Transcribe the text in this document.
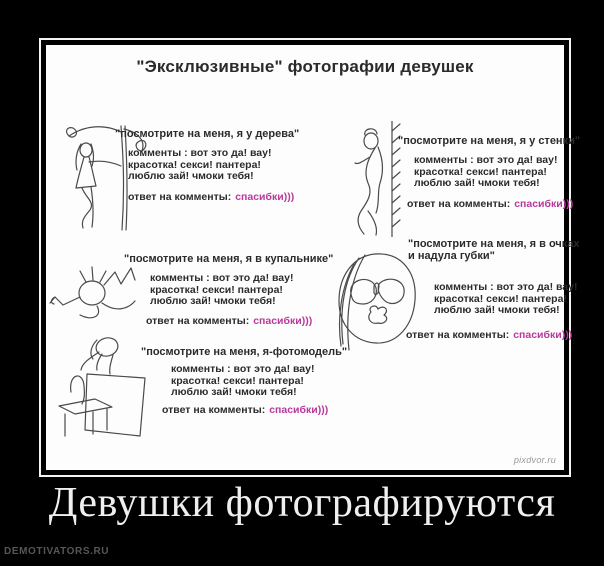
"Эксклюзивные" фотографии девушек
"посмотрите на меня, я у дерева"
комменты : вот это да! вау!
красотка! секси! пантера!
люблю зай! чмоки тебя!
ответ на комменты: спасибки)))
"посмотрите на меня, я у стенки"
комменты : вот это да! вау!
красотка! секси! пантера!
люблю зай! чмоки тебя!
ответ на комменты: спасибки)))
"посмотрите на меня, я в купальнике"
комменты : вот это да! вау!
красотка! секси! пантера!
люблю зай! чмоки тебя!
ответ на комменты: спасибки)))
"посмотрите на меня, я в очках
и надула губки"
комменты : вот это да! вау!
красотка! секси! пантера!
люблю зай! чмоки тебя!
ответ на комменты: спасибки)))
"посмотрите на меня, я-фотомодель"
комменты : вот это да! вау!
красотка! секси! пантера!
люблю зай! чмоки тебя!
ответ на комменты: спасибки)))
pixdvor.ru
Девушки фотографируются
DEMOTIVATORS.RU
